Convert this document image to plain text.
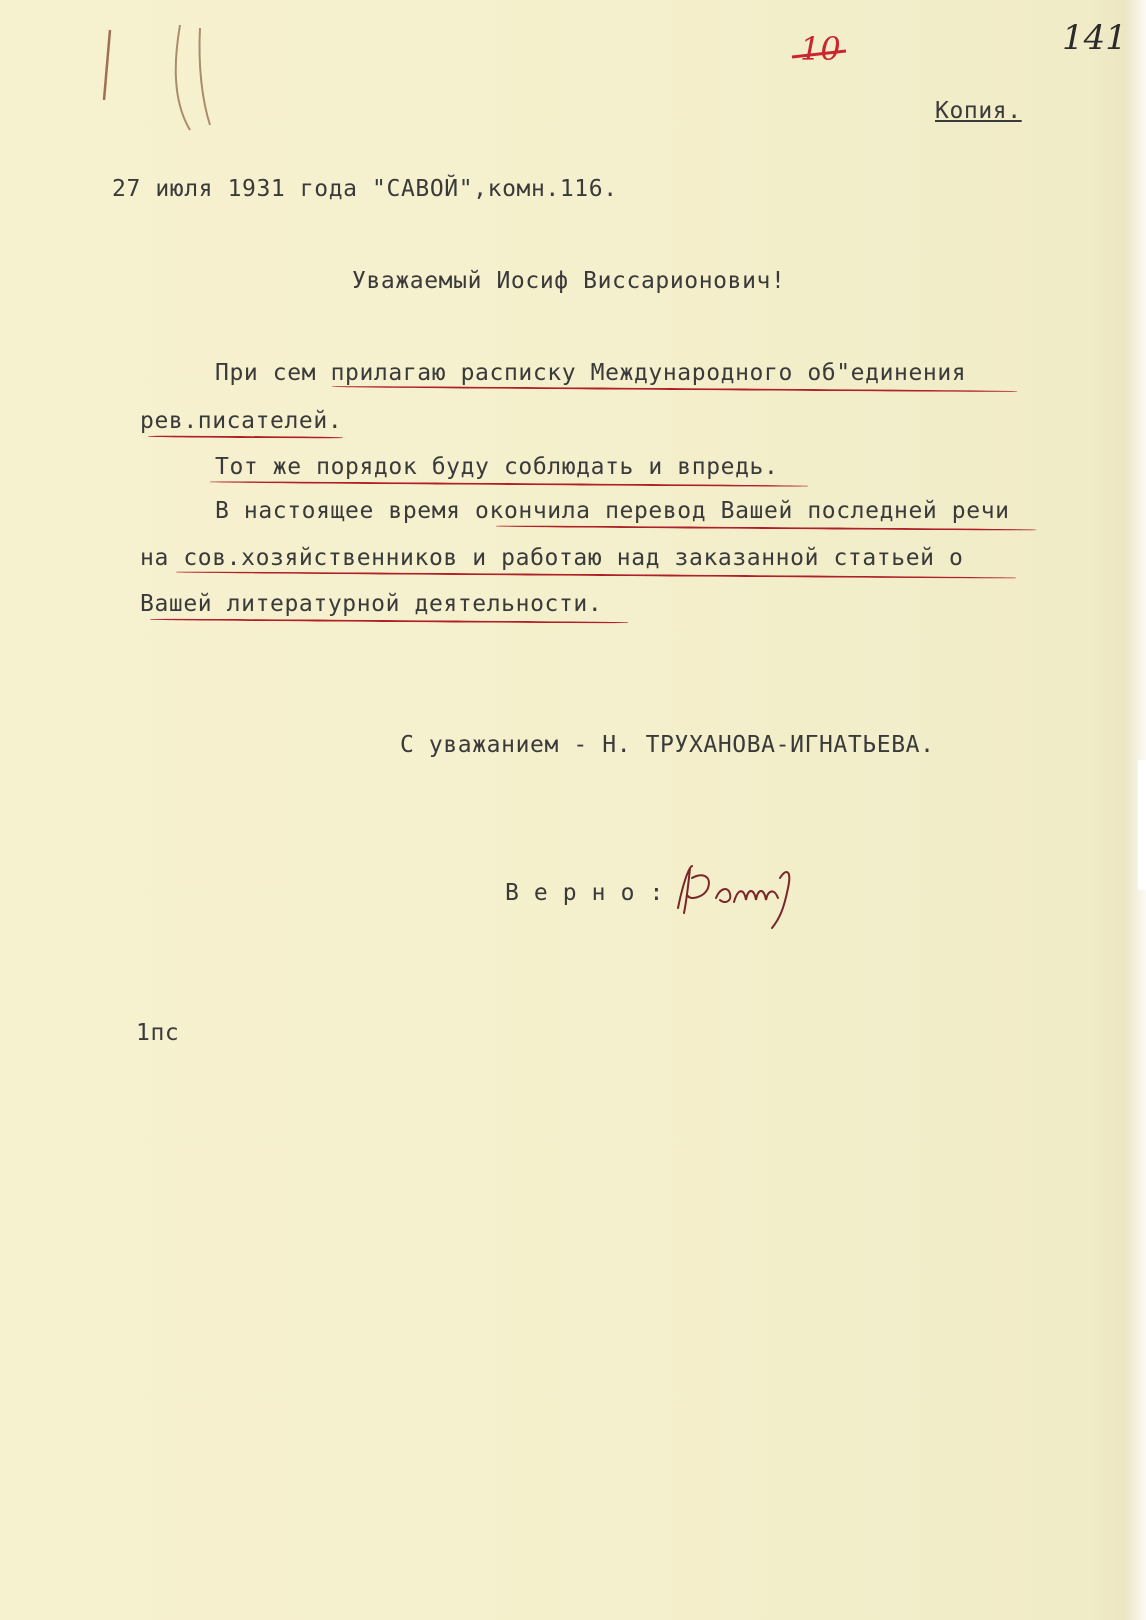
141
10
Копия.
27 июля 1931 года "САВОЙ",комн.116.
Уважаемый Иосиф Виссарионович!
При сем прилагаю расписку Международного об"единения
рев.писателей.
Тот же порядок буду соблюдать и впредь.
В настоящее время окончила перевод Вашей последней речи
на сов.хозяйственников и работаю над заказанной статьей о
Вашей литературной деятельности.
С уважанием - Н. ТРУХАНОВА-ИГНАТЬЕВА.
В е р н о :
1пс
